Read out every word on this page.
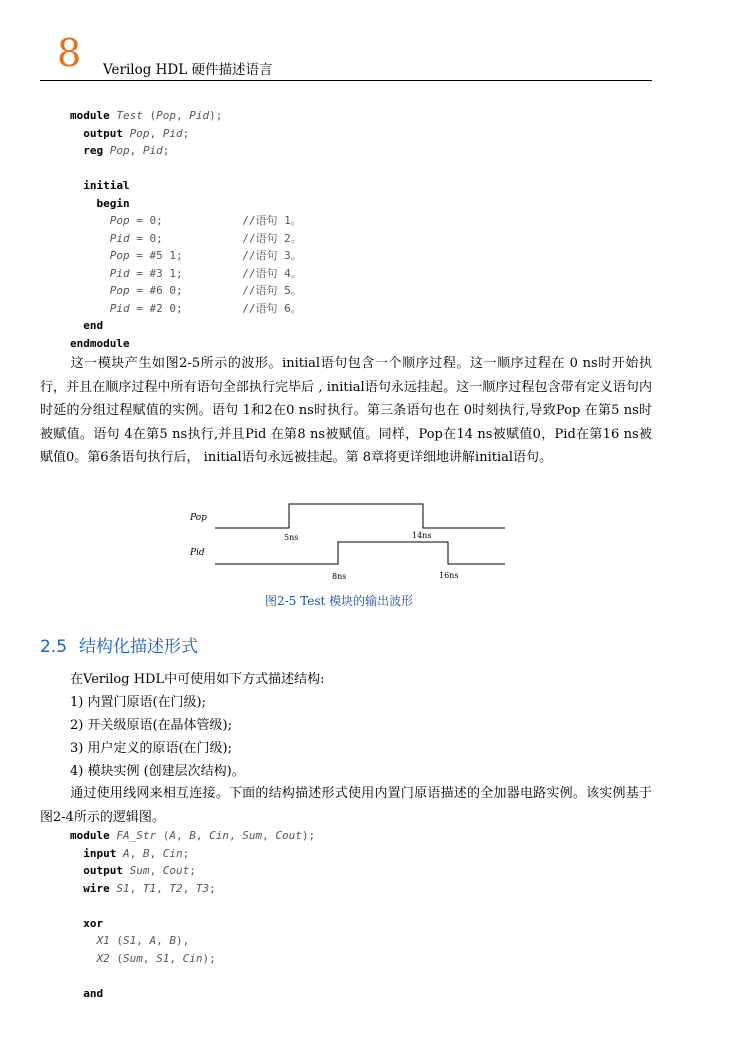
8 Verilog HDL 硬件描述语言
module Test (Pop, Pid);
output Pop, Pid;
reg Pop, Pid;
initial
begin
Pop = 0;            //语句 1。
Pid = 0;            //语句 2。
Pop = #5 1;         //语句 3。
Pid = #3 1;         //语句 4。
Pop = #6 0;         //语句 5。
Pid = #2 0;         //语句 6。
end
endmodule

这一模块产生如图2-5所示的波形。initial语句包含一个顺序过程。这一顺序过程在 0 ns时开始执行，并且在顺序过程中所有语句全部执行完毕后 , initial语句永远挂起。这一顺序过程包含带有定义语句内时延的分组过程赋值的实例。语句 1和2在0 ns时执行。第三条语句也在 0时刻执行,导致Pop 在第5 ns时被赋值。语句 4在第5 ns执行,并且Pid 在第8 ns被赋值。同样，Pop在14 ns被赋值0，Pid在第16 ns被赋值0。第6条语句执行后， initial语句永远被挂起。第 8章将更详细地讲解initial语句。

Pop
5ns	14ns
Pid
8ns	16ns
图2-5 Test 模块的输出波形
2.5 结构化描述形式
在Verilog HDL中可使用如下方式描述结构:
1) 内置门原语(在门级);
2) 开关级原语(在晶体管级);
3) 用户定义的原语(在门级);
4) 模块实例 (创建层次结构)。

通过使用线网来相互连接。下面的结构描述形式使用内置门原语描述的全加器电路实例。该实例基于图2-4所示的逻辑图。

module FA_Str (A, B, Cin, Sum, Cout);
input A, B, Cin;
output Sum, Cout;
wire S1, T1, T2, T3;
xor
X1 (S1, A, B),
X2 (Sum, S1, Cin);
and
